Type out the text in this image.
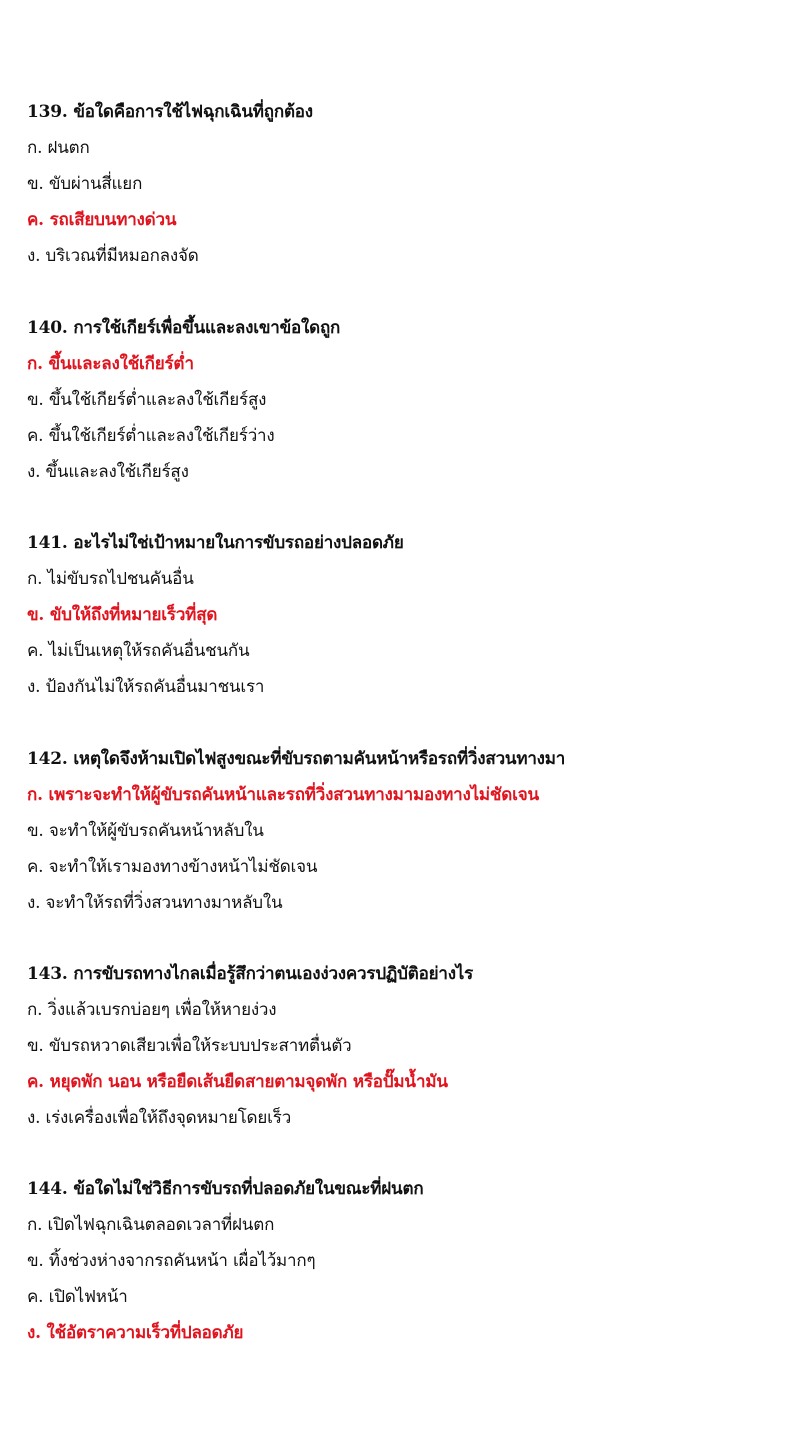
139. ข้อใดคือการใช้ไฟฉุกเฉินที่ถูกต้อง
ก. ฝนตก
ข. ขับผ่านสี่แยก
ค. รถเสียบนทางด่วน
ง. บริเวณที่มีหมอกลงจัด
140. การใช้เกียร์เพื่อขึ้นและลงเขาข้อใดถูก
ก. ขึ้นและลงใช้เกียร์ต่ำ
ข. ขึ้นใช้เกียร์ต่ำและลงใช้เกียร์สูง
ค. ขึ้นใช้เกียร์ต่ำและลงใช้เกียร์ว่าง
ง. ขึ้นและลงใช้เกียร์สูง
141. อะไรไม่ใช่เป้าหมายในการขับรถอย่างปลอดภัย
ก. ไม่ขับรถไปชนคันอื่น
ข. ขับให้ถึงที่หมายเร็วที่สุด
ค. ไม่เป็นเหตุให้รถคันอื่นชนกัน
ง. ป้องกันไม่ให้รถคันอื่นมาชนเรา
142. เหตุใดจึงห้ามเปิดไฟสูงขณะที่ขับรถตามคันหน้าหรือรถที่วิ่งสวนทางมา
ก. เพราะจะทำให้ผู้ขับรถคันหน้าและรถที่วิ่งสวนทางมามองทางไม่ชัดเจน
ข. จะทำให้ผู้ขับรถคันหน้าหลับใน
ค. จะทำให้เรามองทางข้างหน้าไม่ชัดเจน
ง. จะทำให้รถที่วิ่งสวนทางมาหลับใน
143. การขับรถทางไกลเมื่อรู้สึกว่าตนเองง่วงควรปฏิบัติอย่างไร
ก. วิ่งแล้วเบรกบ่อยๆ เพื่อให้หายง่วง
ข. ขับรถหวาดเสียวเพื่อให้ระบบประสาทตื่นตัว
ค. หยุดพัก นอน หรือยืดเส้นยืดสายตามจุดพัก หรือปั๊มน้ำมัน
ง. เร่งเครื่องเพื่อให้ถึงจุดหมายโดยเร็ว
144. ข้อใดไม่ใช่วิธีการขับรถที่ปลอดภัยในขณะที่ฝนตก
ก. เปิดไฟฉุกเฉินตลอดเวลาที่ฝนตก
ข. ทิ้งช่วงห่างจากรถคันหน้า เผื่อไว้มากๆ
ค. เปิดไฟหน้า
ง. ใช้อัตราความเร็วที่ปลอดภัย
